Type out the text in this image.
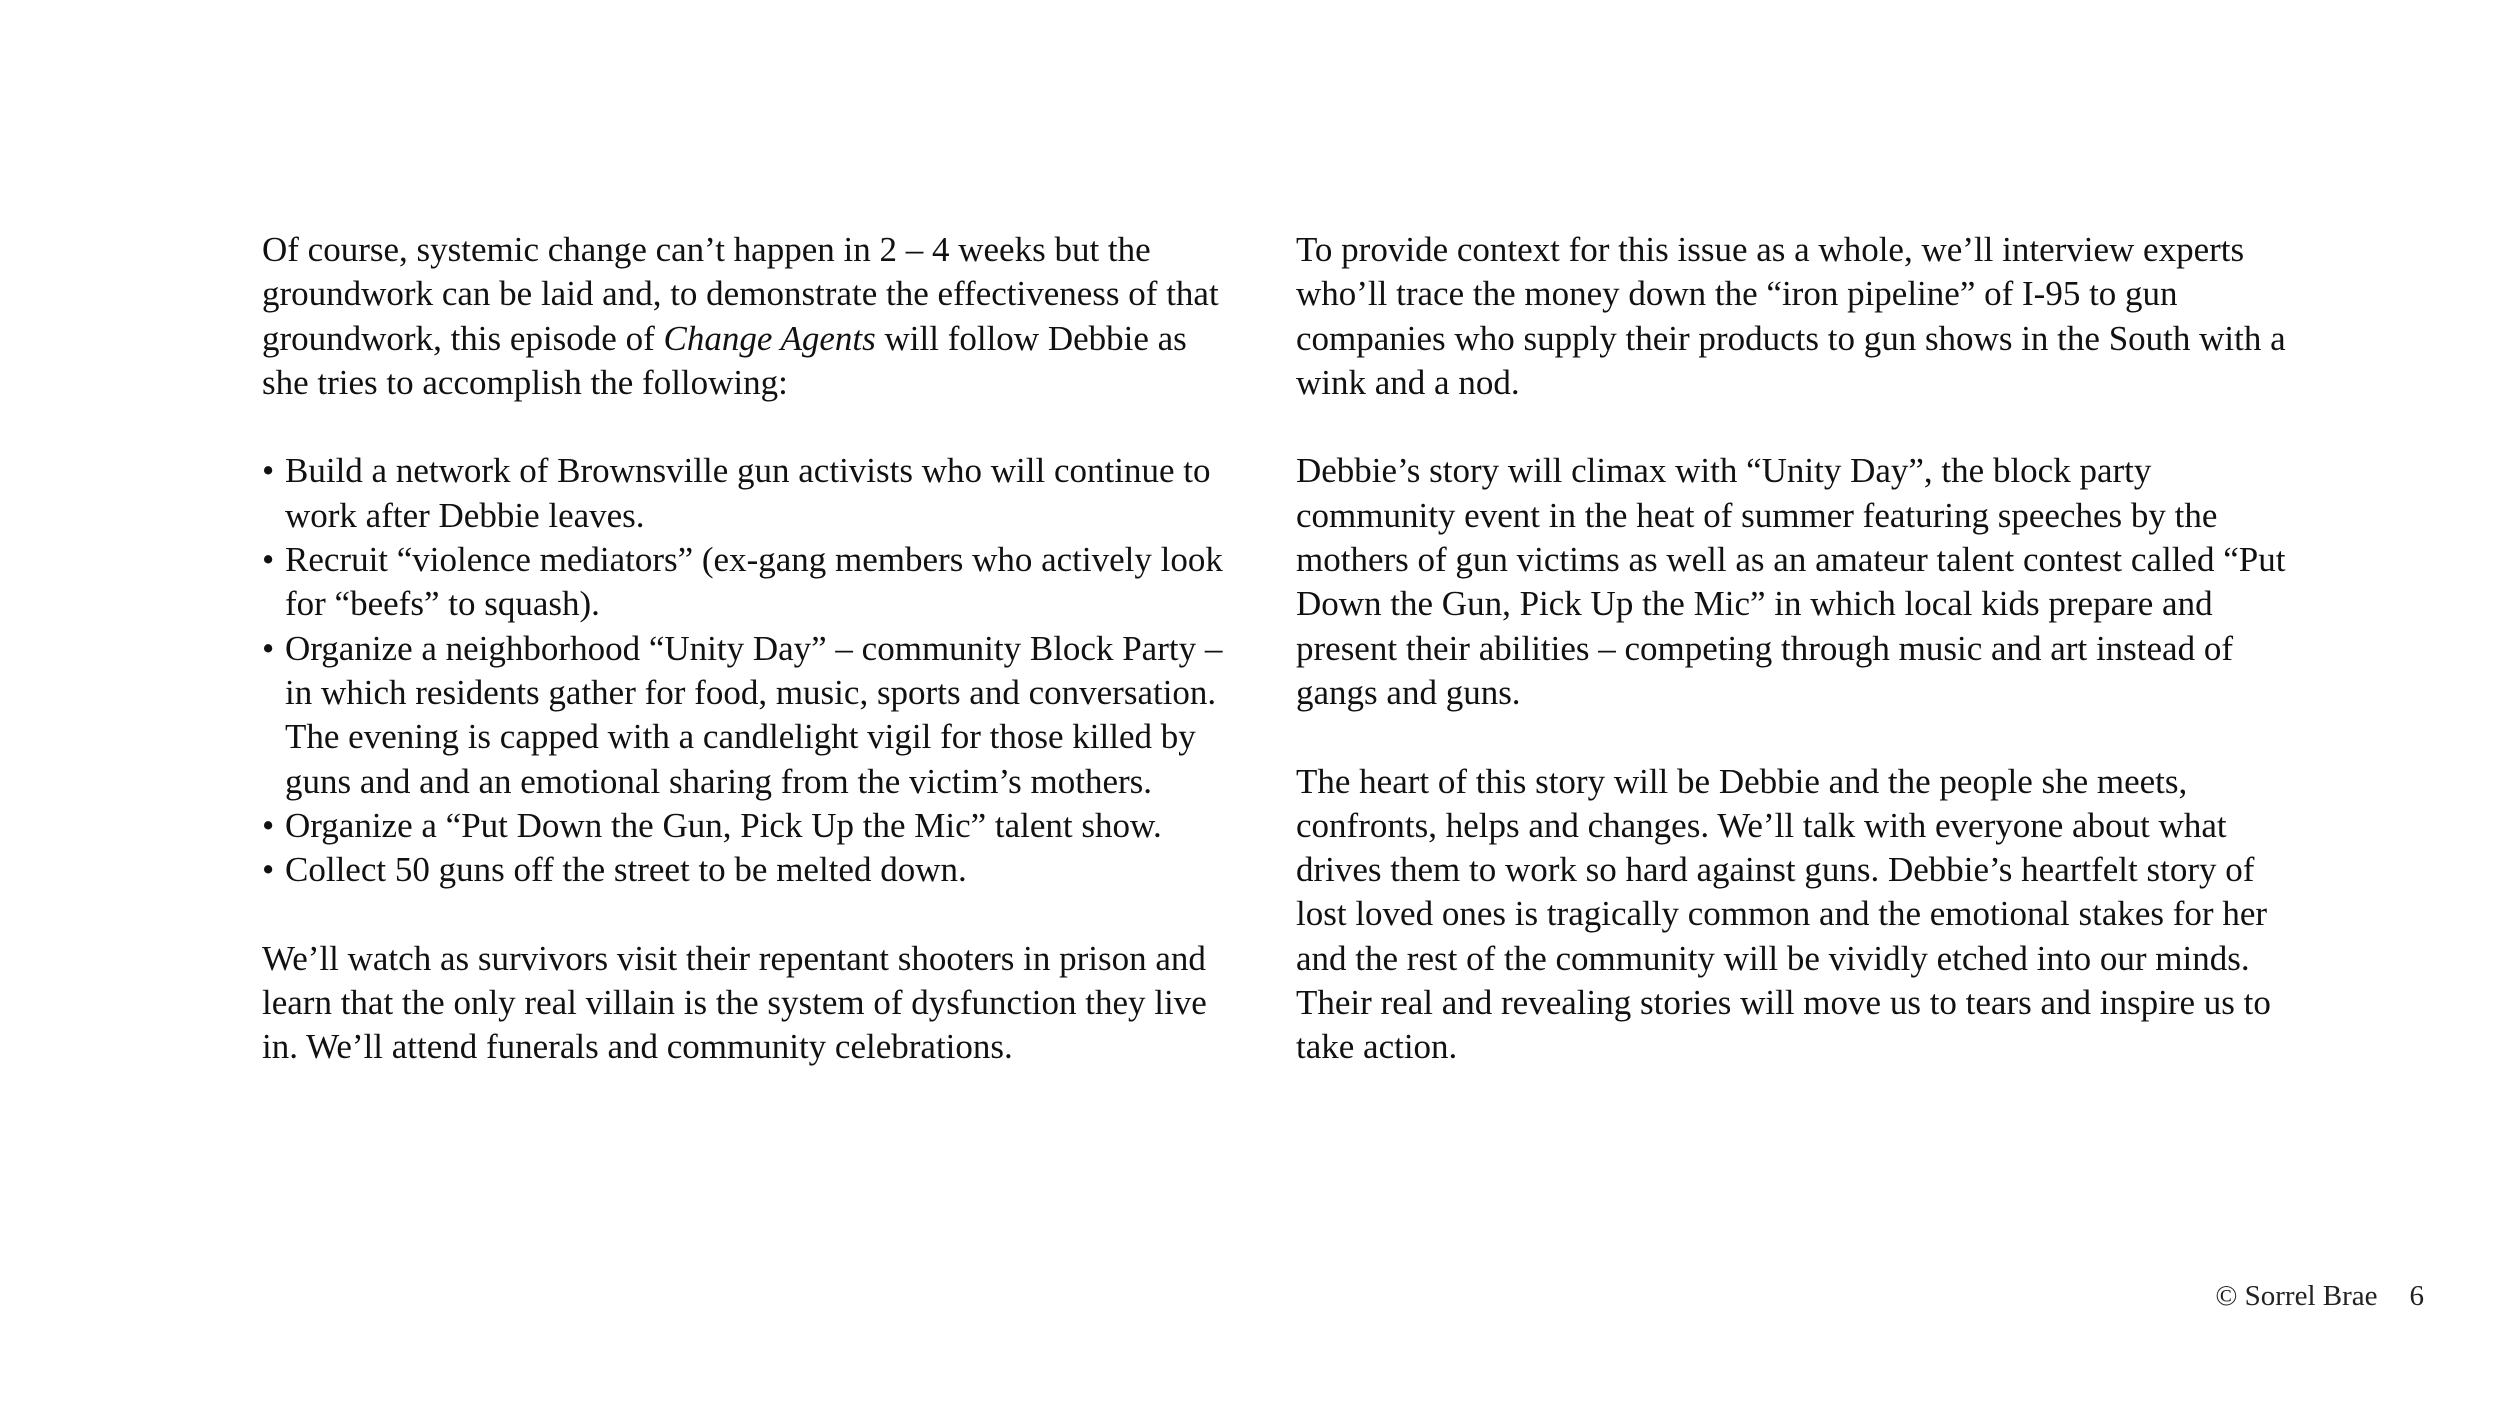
Of course, systemic change can’t happen in 2 – 4 weeks but the groundwork can be laid and, to demonstrate the effectiveness of that groundwork, this episode of Change Agents will follow Debbie as she tries to accomplish the following:

• Build a network of Brownsville gun activists who will continue to work after Debbie leaves.
• Recruit “violence mediators” (ex-gang members who actively look for “beefs” to squash).
• Organize a neighborhood “Unity Day” – community Block Party – in which residents gather for food, music, sports and conversation. The evening is capped with a candlelight vigil for those killed by guns and and an emotional sharing from the victim’s mothers.
• Organize a “Put Down the Gun, Pick Up the Mic” talent show.
• Collect 50 guns off the street to be melted down.

We’ll watch as survivors visit their repentant shooters in prison and learn that the only real villain is the system of dysfunction they live in. We’ll attend funerals and community celebrations.

To provide context for this issue as a whole, we’ll interview experts who’ll trace the money down the “iron pipeline” of I-95 to gun companies who supply their products to gun shows in the South with a wink and a nod.

Debbie’s story will climax with “Unity Day”, the block party community event in the heat of summer featuring speeches by the mothers of gun victims as well as an amateur talent contest called “Put Down the Gun, Pick Up the Mic” in which local kids prepare and present their abilities – competing through music and art instead of gangs and guns.

The heart of this story will be Debbie and the people she meets, confronts, helps and changes. We’ll talk with everyone about what drives them to work so hard against guns. Debbie’s heartfelt story of lost loved ones is tragically common and the emotional stakes for her and the rest of the community will be vividly etched into our minds. Their real and revealing stories will move us to tears and inspire us to take action.

© Sorrel Brae 6
